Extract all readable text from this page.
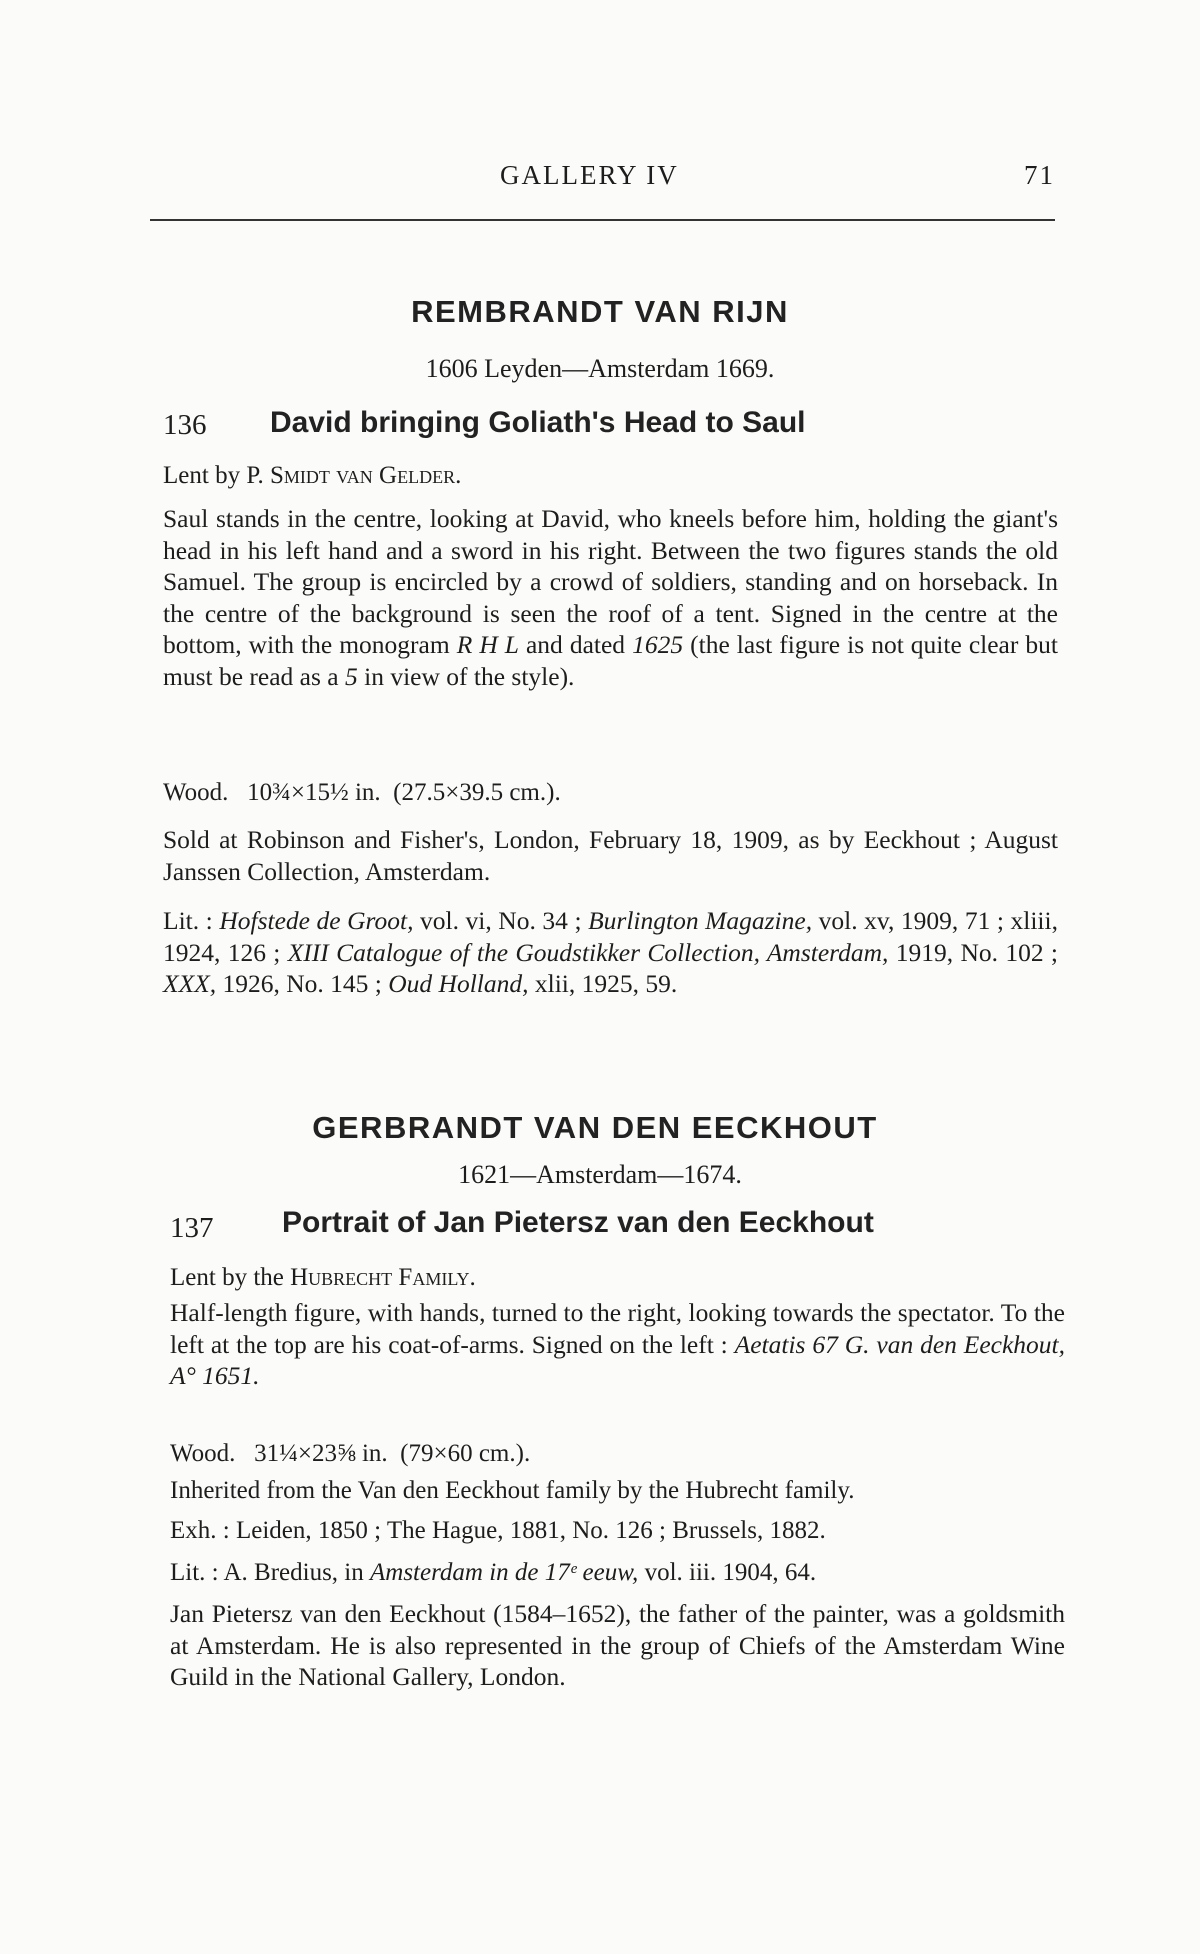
GALLERY IV	71
REMBRANDT VAN RIJN
1606 Leyden—Amsterdam 1669.
136 David bringing Goliath's Head to Saul
Lent by P. Smidt van Gelder.

Saul stands in the centre, looking at David, who kneels before him, holding the giant's head in his left hand and a sword in his right. Between the two figures stands the old Samuel. The group is encircled by a crowd of soldiers, standing and on horseback. In the centre of the background is seen the roof of a tent. Signed in the centre at the bottom, with the monogram R H L and dated 1625 (the last figure is not quite clear but must be read as a 5 in view of the style).

Wood. 10¾×15½ in. (27.5×39.5 cm.).

Sold at Robinson and Fisher's, London, February 18, 1909, as by Eeckhout ; August Janssen Collection, Amsterdam.

Lit. : Hofstede de Groot, vol. vi, No. 34 ; Burlington Magazine, vol. xv, 1909, 71 ; xliii, 1924, 126 ; XIII Catalogue of the Goudstikker Collection, Amsterdam, 1919, No. 102 ; XXX, 1926, No. 145 ; Oud Holland, xlii, 1925, 59.

GERBRANDT VAN DEN EECKHOUT
1621—Amsterdam—1674.
137 Portrait of Jan Pietersz van den Eeckhout
Lent by the Hubrecht Family.

Half-length figure, with hands, turned to the right, looking towards the spectator. To the left at the top are his coat-of-arms. Signed on the left : Aetatis 67 G. van den Eeckhout, A° 1651.

Wood. 31¼×23⅝ in. (79×60 cm.).
Inherited from the Van den Eeckhout family by the Hubrecht family.
Exh. : Leiden, 1850 ; The Hague, 1881, No. 126 ; Brussels, 1882.
Lit. : A. Bredius, in Amsterdam in de 17ᵉ eeuw, vol. iii. 1904, 64.

Jan Pietersz van den Eeckhout (1584–1652), the father of the painter, was a goldsmith at Amsterdam. He is also represented in the group of Chiefs of the Amsterdam Wine Guild in the National Gallery, London.
